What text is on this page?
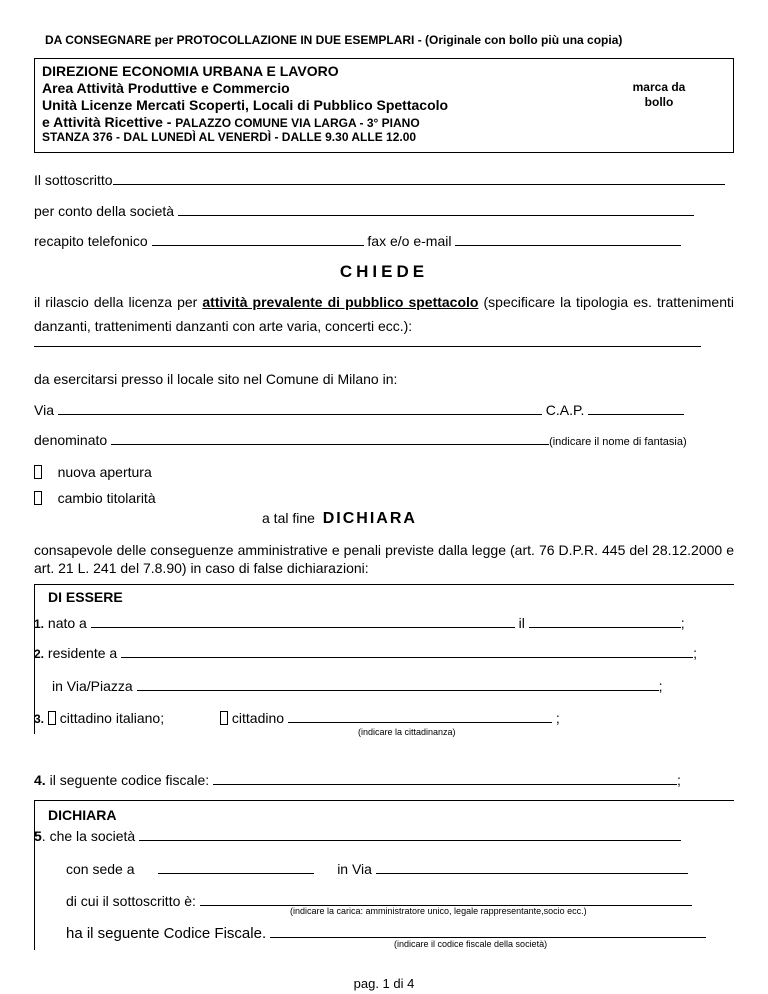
DA CONSEGNARE per PROTOCOLLAZIONE IN DUE ESEMPLARI - (Originale con bollo più una copia)
DIREZIONE ECONOMIA URBANA E LAVORO
Area Attività Produttive e Commercio
Unità Licenze Mercati Scoperti, Locali di Pubblico Spettacolo
e Attività Ricettive - PALAZZO COMUNE VIA LARGA - 3° PIANO
STANZA 376 - DAL LUNEDÌ AL VENERDÌ - DALLE 9.30 ALLE 12.00
marca da bollo
Il sottoscritto
per conto della società
recapito telefonico	fax e/o e-mail
CHIEDE
il rilascio della licenza per attività prevalente di pubblico spettacolo (specificare la tipologia es. trattenimenti danzanti, trattenimenti danzanti con arte varia, concerti ecc.):
da esercitarsi presso il locale sito nel Comune di Milano in:
Via	C.A.P.
denominato	(indicare il nome di fantasia)
nuova apertura
cambio titolarità
a tal fine DICHIARA
consapevole delle conseguenze amministrative e penali previste dalla legge (art. 76 D.P.R. 445 del 28.12.2000 e art. 21 L. 241 del 7.8.90) in caso di false dichiarazioni:
DI ESSERE
1. nato a	il	;
2. residente a	;
in Via/Piazza	;
3. cittadino italiano;	cittadino	;
(indicare la cittadinanza)
4. il seguente codice fiscale:	;
DICHIARA
5. che la società
con sede a	in Via
di cui il sottoscritto è:
(indicare la carica: amministratore unico, legale rappresentante,socio ecc.)
ha il seguente Codice Fiscale.
(indicare il codice fiscale della società)
pag. 1 di 4
